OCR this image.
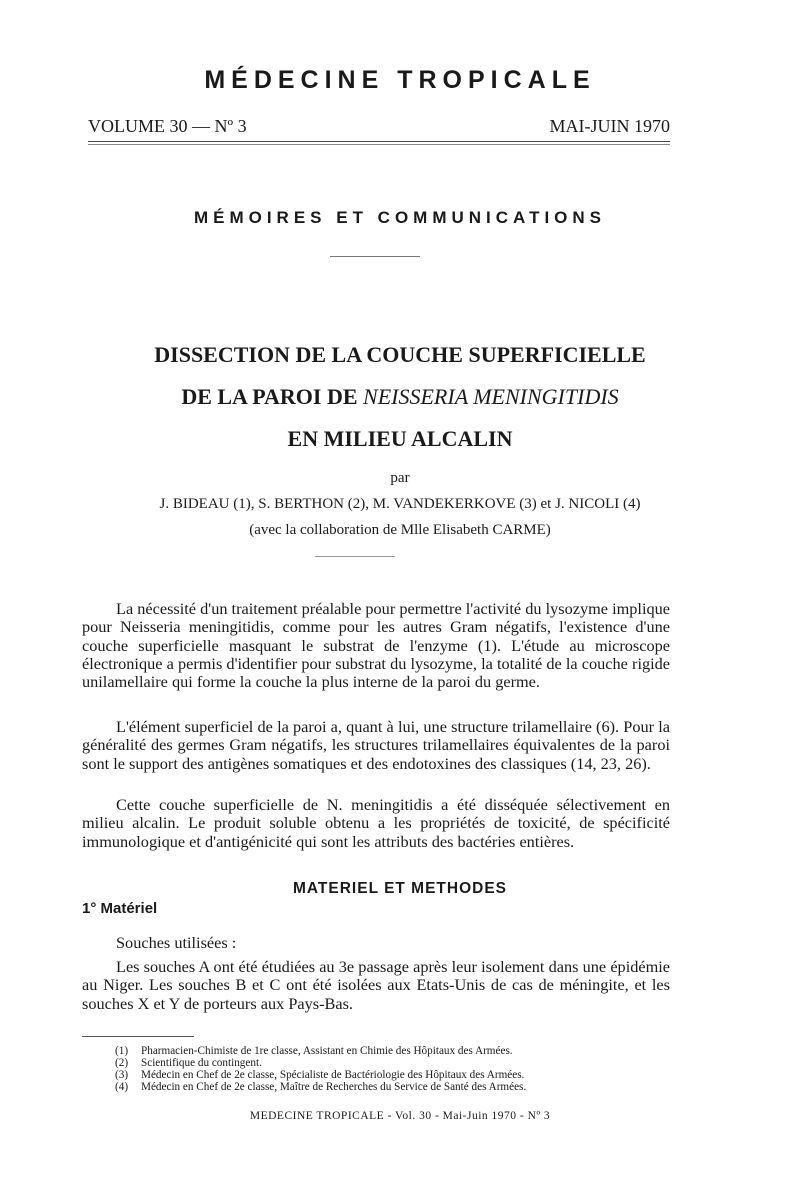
MÉDECINE TROPICALE
VOLUME 30 — Nº 3	MAI-JUIN 1970
MÉMOIRES ET COMMUNICATIONS
DISSECTION DE LA COUCHE SUPERFICIELLE
DE LA PAROI DE NEISSERIA MENINGITIDIS
EN MILIEU ALCALIN
par
J. BIDEAU (1), S. BERTHON (2), M. VANDEKERKOVE (3) et J. NICOLI (4)
(avec la collaboration de Mlle Elisabeth CARME)

La nécessité d'un traitement préalable pour permettre l'activité du lysozyme implique pour Neisseria meningitidis, comme pour les autres Gram négatifs, l'existence d'une couche superficielle masquant le substrat de l'enzyme (1). L'étude au microscope électronique a permis d'identifier pour substrat du lysozyme, la totalité de la couche rigide unilamellaire qui forme la couche la plus interne de la paroi du germe.

L'élément superficiel de la paroi a, quant à lui, une structure trilamellaire (6). Pour la généralité des germes Gram négatifs, les structures trilamellaires équivalentes de la paroi sont le support des antigènes somatiques et des endotoxines des classiques (14, 23, 26).

Cette couche superficielle de N. meningitidis a été disséquée sélectivement en milieu alcalin. Le produit soluble obtenu a les propriétés de toxicité, de spécificité immunologique et d'antigénicité qui sont les attributs des bactéries entières.

MATERIEL ET METHODES
1° Matériel

Souches utilisées :

Les souches A ont été étudiées au 3e passage après leur isolement dans une épidémie au Niger. Les souches B et C ont été isolées aux Etats-Unis de cas de méningite, et les souches X et Y de porteurs aux Pays-Bas.

(1) Pharmacien-Chimiste de 1re classe, Assistant en Chimie des Hôpitaux des Armées.
(2) Scientifique du contingent.
(3) Médecin en Chef de 2e classe, Spécialiste de Bactériologie des Hôpitaux des Armées.
(4) Médecin en Chef de 2e classe, Maître de Recherches du Service de Santé des Armées.
MEDECINE TROPICALE - Vol. 30 - Mai-Juin 1970 - Nº 3
